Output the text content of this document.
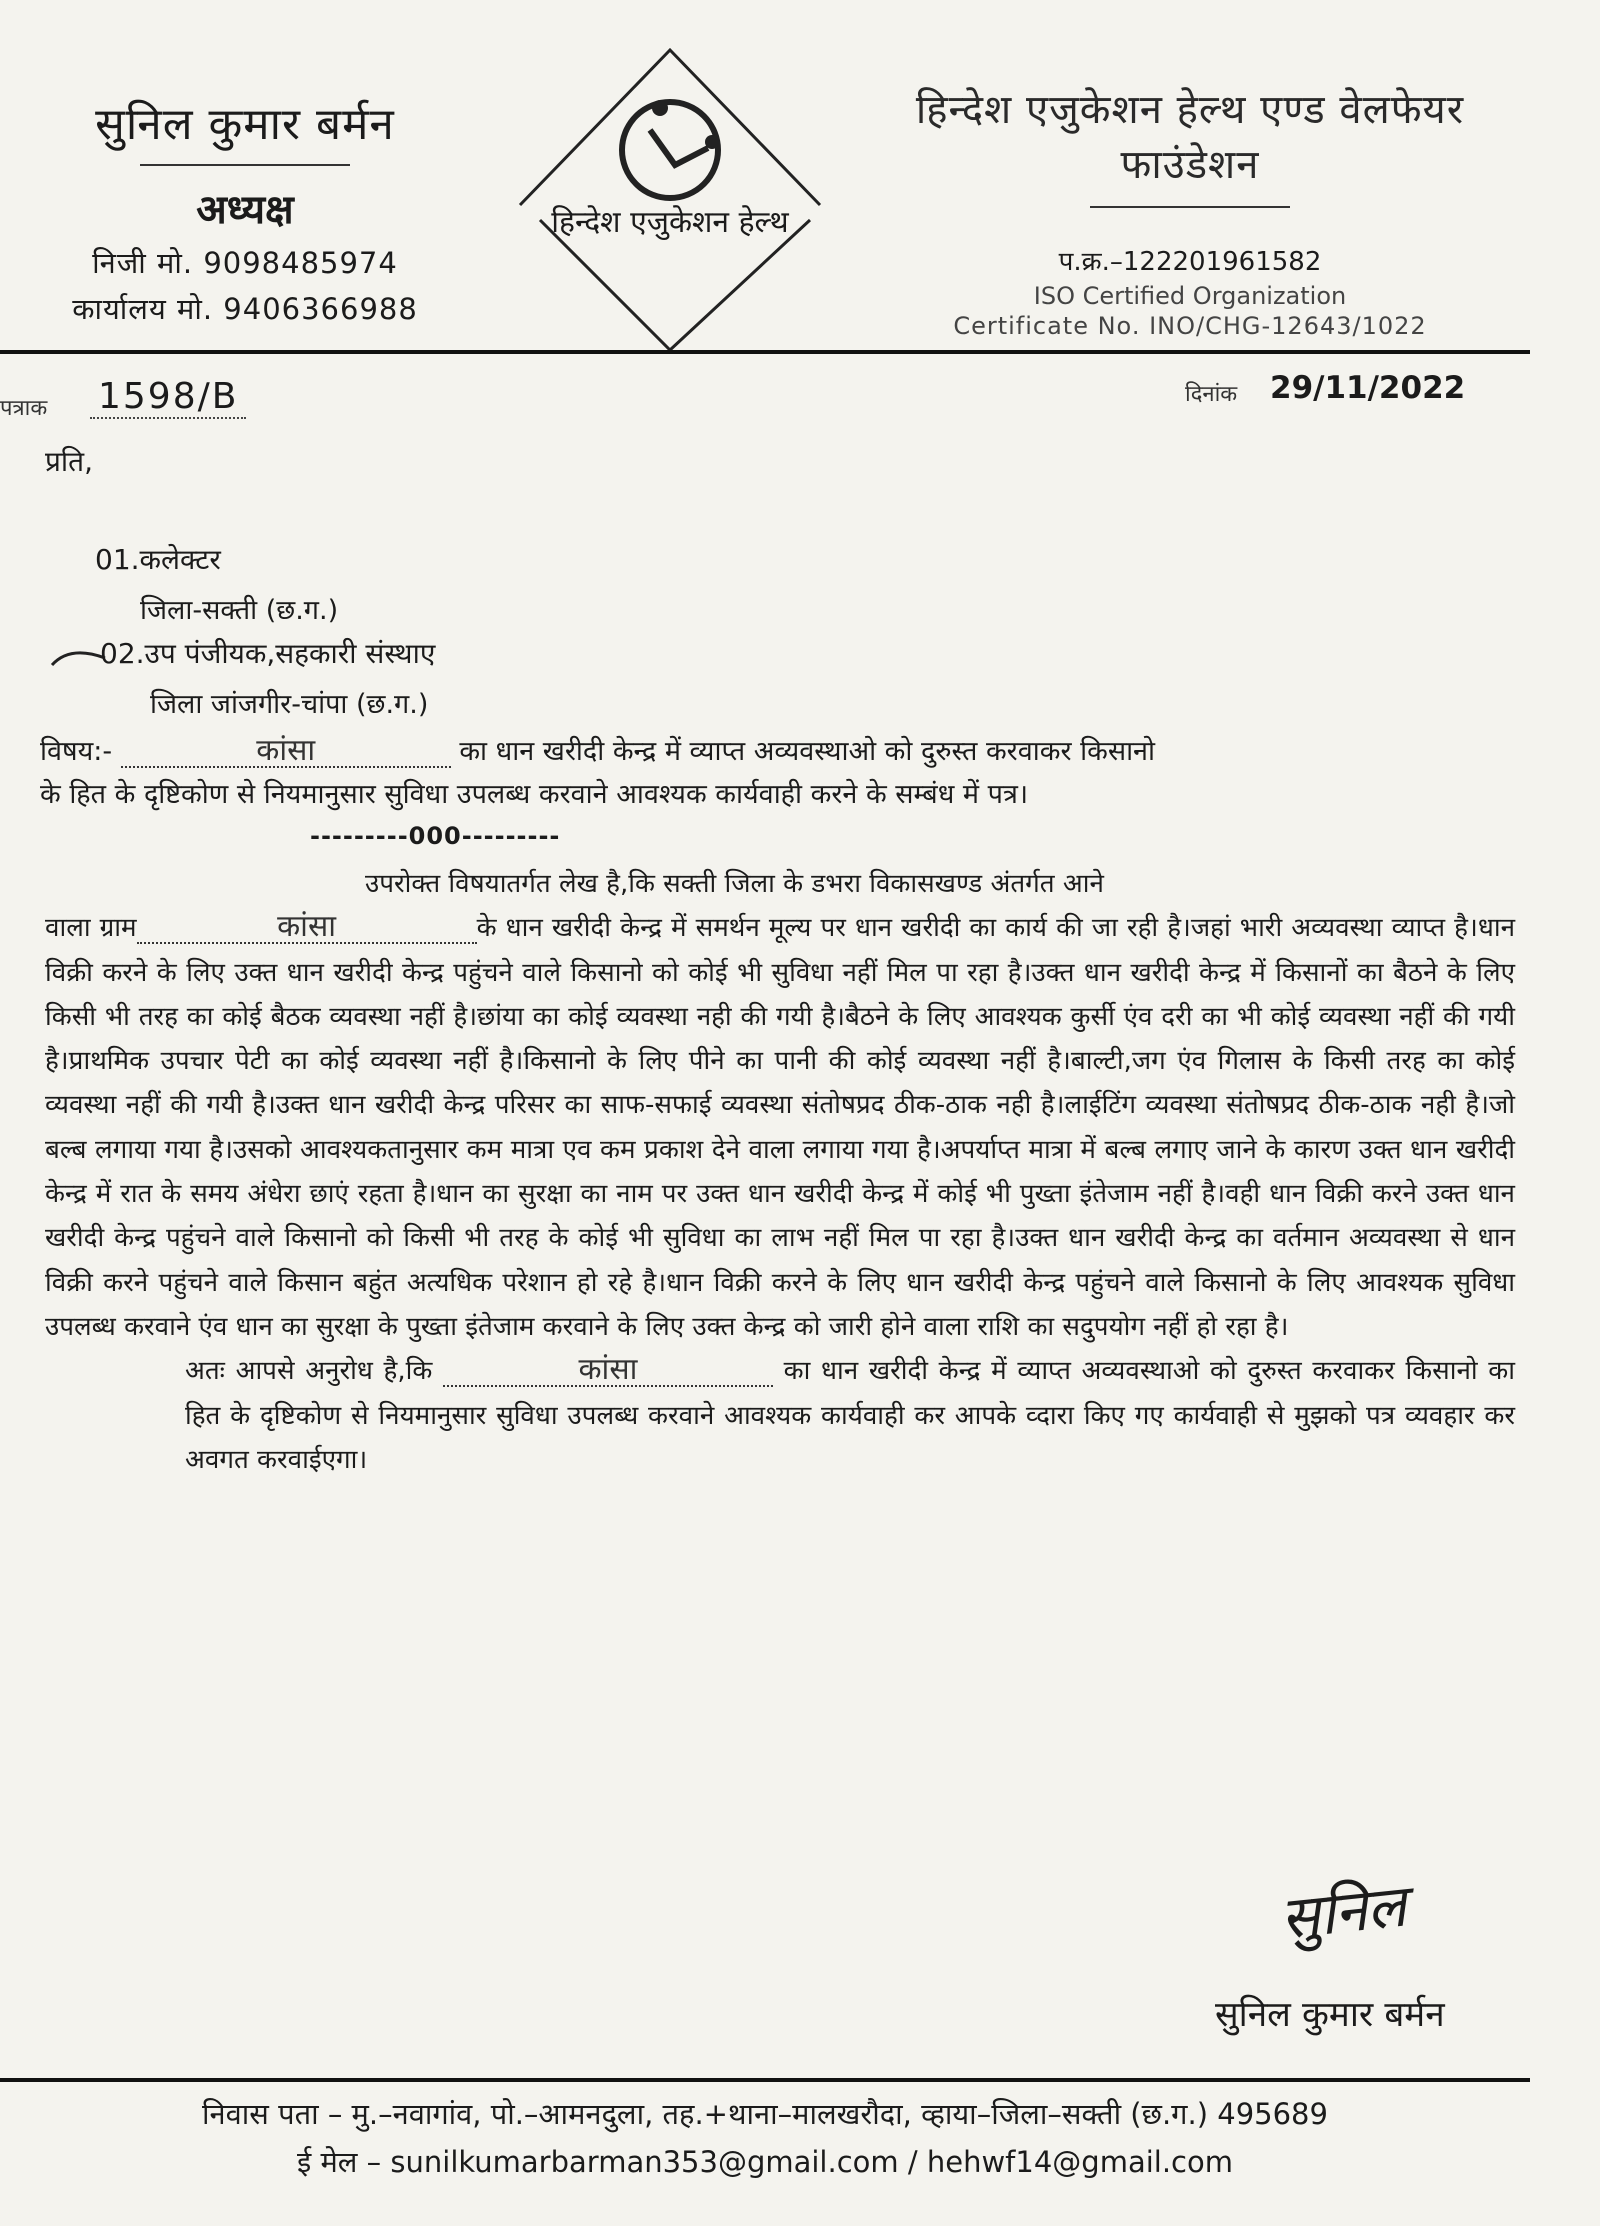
सुनिल कुमार बर्मन
अध्यक्ष
निजी मो. 9098485974
कार्यालय मो. 9406366988
हिन्देश एजुकेशन हेल्थ
हिन्देश एजुकेशन हेल्थ एण्ड वेलफेयर फाउंडेशन
प.क्र.–122201961582
ISO Certified Organization
Certificate No. INO/CHG-12643/1022
पत्राक 1598/B	दिनांक 29/11/2022
प्रति,
01.कलेक्टर
जिला-सक्ती (छ.ग.)
02.उप पंजीयक,सहकारी संस्थाए
जिला जांजगीर-चांपा (छ.ग.)
विषय:-	कांसा	का धान खरीदी केन्द्र में व्याप्त अव्यवस्थाओ को दुरुस्त करवाकर किसानो
के हित के दृष्टिकोण से नियमानुसार सुविधा उपलब्ध करवाने आवश्यक कार्यवाही करने के सम्बंध में पत्र।
---------000---------

उपरोक्त विषयातर्गत लेख है,कि सक्ती जिला के डभरा विकासखण्ड अंतर्गत आने

वाला ग्राम	कांसा	के धान खरीदी केन्द्र में समर्थन मूल्य पर धान खरीदी का कार्य की जा रही है।जहां भारी अव्यवस्था व्याप्त है।धान विक्री करने के लिए उक्त धान खरीदी केन्द्र पहुंचने वाले किसानो को कोई भी सुविधा नहीं मिल पा रहा है।उक्त धान खरीदी केन्द्र में किसानों का बैठने के लिए किसी भी तरह का कोई बैठक व्यवस्था नहीं है।छांया का कोई व्यवस्था नही की गयी है।बैठने के लिए आवश्यक कुर्सी एंव दरी का भी कोई व्यवस्था नहीं की गयी है।प्राथमिक उपचार पेटी का कोई व्यवस्था नहीं है।किसानो के लिए पीने का पानी की कोई व्यवस्था नहीं है।बाल्टी,जग एंव गिलास के किसी तरह का कोई व्यवस्था नहीं की गयी है।उक्त धान खरीदी केन्द्र परिसर का साफ-सफाई व्यवस्था संतोषप्रद ठीक-ठाक नही है।लाईटिंग व्यवस्था संतोषप्रद ठीक-ठाक नही है।जो बल्ब लगाया गया है।उसको आवश्यकतानुसार कम मात्रा एव कम प्रकाश देने वाला लगाया गया है।अपर्याप्त मात्रा में बल्ब लगाए जाने के कारण उक्त धान खरीदी केन्द्र में रात के समय अंधेरा छाएं रहता है।धान का सुरक्षा का नाम पर उक्त धान खरीदी केन्द्र में कोई भी पुख्ता इंतेजाम नहीं है।वही धान विक्री करने उक्त धान खरीदी केन्द्र पहुंचने वाले किसानो को किसी भी तरह के कोई भी सुविधा का लाभ नहीं मिल पा रहा है।उक्त धान खरीदी केन्द्र का वर्तमान अव्यवस्था से धान विक्री करने पहुंचने वाले किसान बहुंत अत्यधिक परेशान हो रहे है।धान विक्री करने के लिए धान खरीदी केन्द्र पहुंचने वाले किसानो के लिए आवश्यक सुविधा उपलब्ध करवाने एंव धान का सुरक्षा के पुख्ता इंतेजाम करवाने के लिए उक्त केन्द्र को जारी होने वाला राशि का सदुपयोग नहीं हो रहा है।

अतः आपसे अनुरोध है,कि	कांसा	का धान खरीदी केन्द्र में व्याप्त अव्यवस्थाओ को दुरुस्त करवाकर किसानो का हित के दृष्टिकोण से नियमानुसार सुविधा उपलब्ध करवाने आवश्यक कार्यवाही कर आपके व्दारा किए गए कार्यवाही से मुझको पत्र व्यवहार कर अवगत करवाईएगा।

सुनिल
सुनिल कुमार बर्मन
निवास पता – मु.–नवागांव, पो.–आमनदुला, तह.+थाना–मालखरौदा, व्हाया–जिला–सक्ती (छ.ग.) 495689
ई मेल – sunilkumarbarman353@gmail.com / hehwf14@gmail.com
